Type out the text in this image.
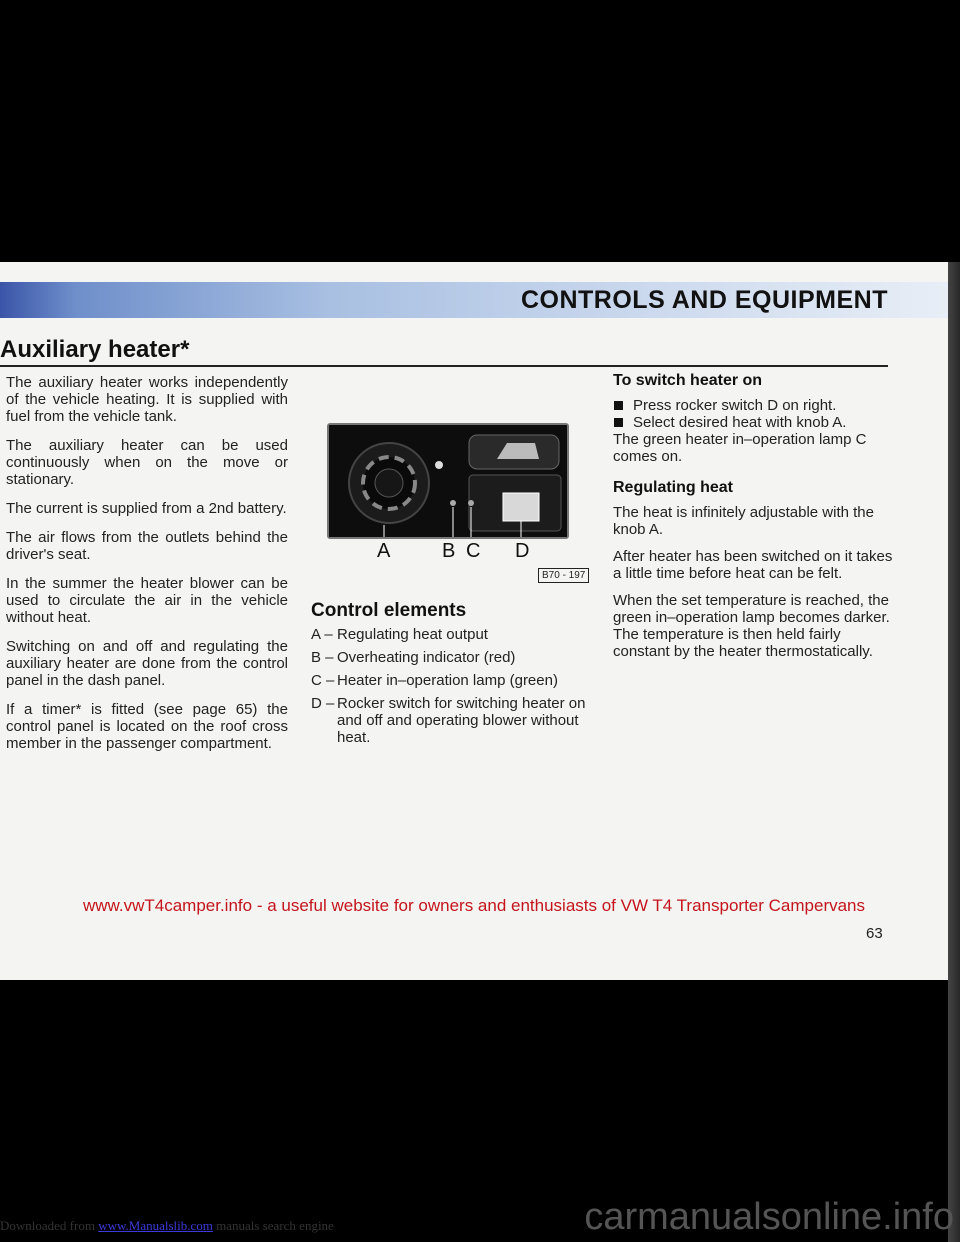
CONTROLS AND EQUIPMENT
Auxiliary heater*

The auxiliary heater works independently of the vehicle heating. It is supplied with fuel from the vehicle tank.

The auxiliary heater can be used continuously when on the move or stationary.

The current is supplied from a 2nd battery.

The air flows from the outlets behind the driver's seat.

In the summer the heater blower can be used to circulate the air in the vehicle without heat.

Switching on and off and regulating the auxiliary heater are done from the control panel in the dash panel.

If a timer* is fitted (see page 65) the control panel is located on the roof cross member in the passenger compartment.

A	B C D
B70 - 197
Control elements
A – Regulating heat output
B – Overheating indicator (red)
C – Heater in–operation lamp (green)
D – Rocker switch for switching heater on and off and operating blower without heat.
To switch heater on
Press rocker switch D on right.
Select desired heat with knob A.

The green heater in–operation lamp C comes on.

Regulating heat

The heat is infinitely adjustable with the knob A.

After heater has been switched on it takes a little time before heat can be felt.

When the set temperature is reached, the green in–operation lamp becomes darker. The temperature is then held fairly constant by the heater thermostatically.

www.vwT4camper.info - a useful website for owners and enthusiasts of VW T4 Transporter Campervans
63
Downloaded from www.Manualslib.com manuals search engine	carmanualsonline.info
